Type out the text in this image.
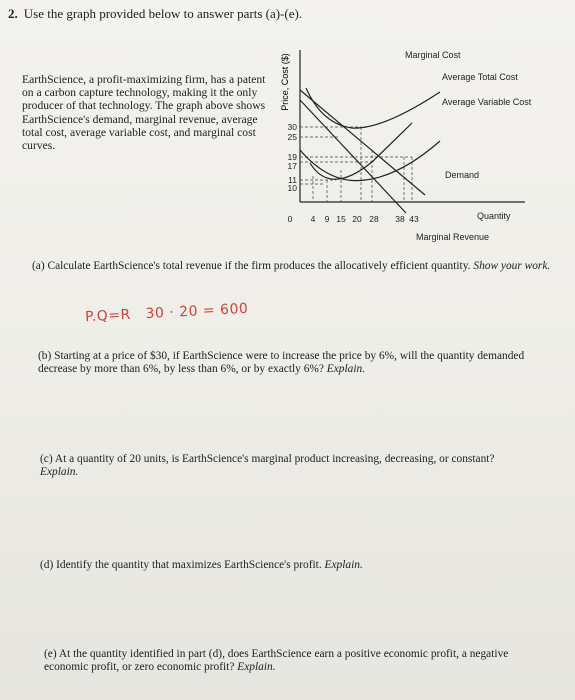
2. Use the graph provided below to answer parts (a)-(e).
EarthScience, a profit-maximizing firm, has a patent on a carbon capture technology, making it the only producer of that technology. The graph above shows EarthScience's demand, marginal revenue, average total cost, average variable cost, and marginal cost curves.
Price, Cost ($)
30
25
19
17
11
10
0 4 9 15 20 28 38 43
Marginal Cost
Average Total Cost
Average Variable Cost
Demand
Quantity
Marginal Revenue
(a) Calculate EarthScience's total revenue if the firm produces the allocatively efficient quantity. Show your work.
P.Q=R 30 · 20 = 600
(b) Starting at a price of $30, if EarthScience were to increase the price by 6%, will the quantity demanded decrease by more than 6%, by less than 6%, or by exactly 6%? Explain.
(c) At a quantity of 20 units, is EarthScience's marginal product increasing, decreasing, or constant? Explain.
(d) Identify the quantity that maximizes EarthScience's profit. Explain.
(e) At the quantity identified in part (d), does EarthScience earn a positive economic profit, a negative economic profit, or zero economic profit? Explain.
